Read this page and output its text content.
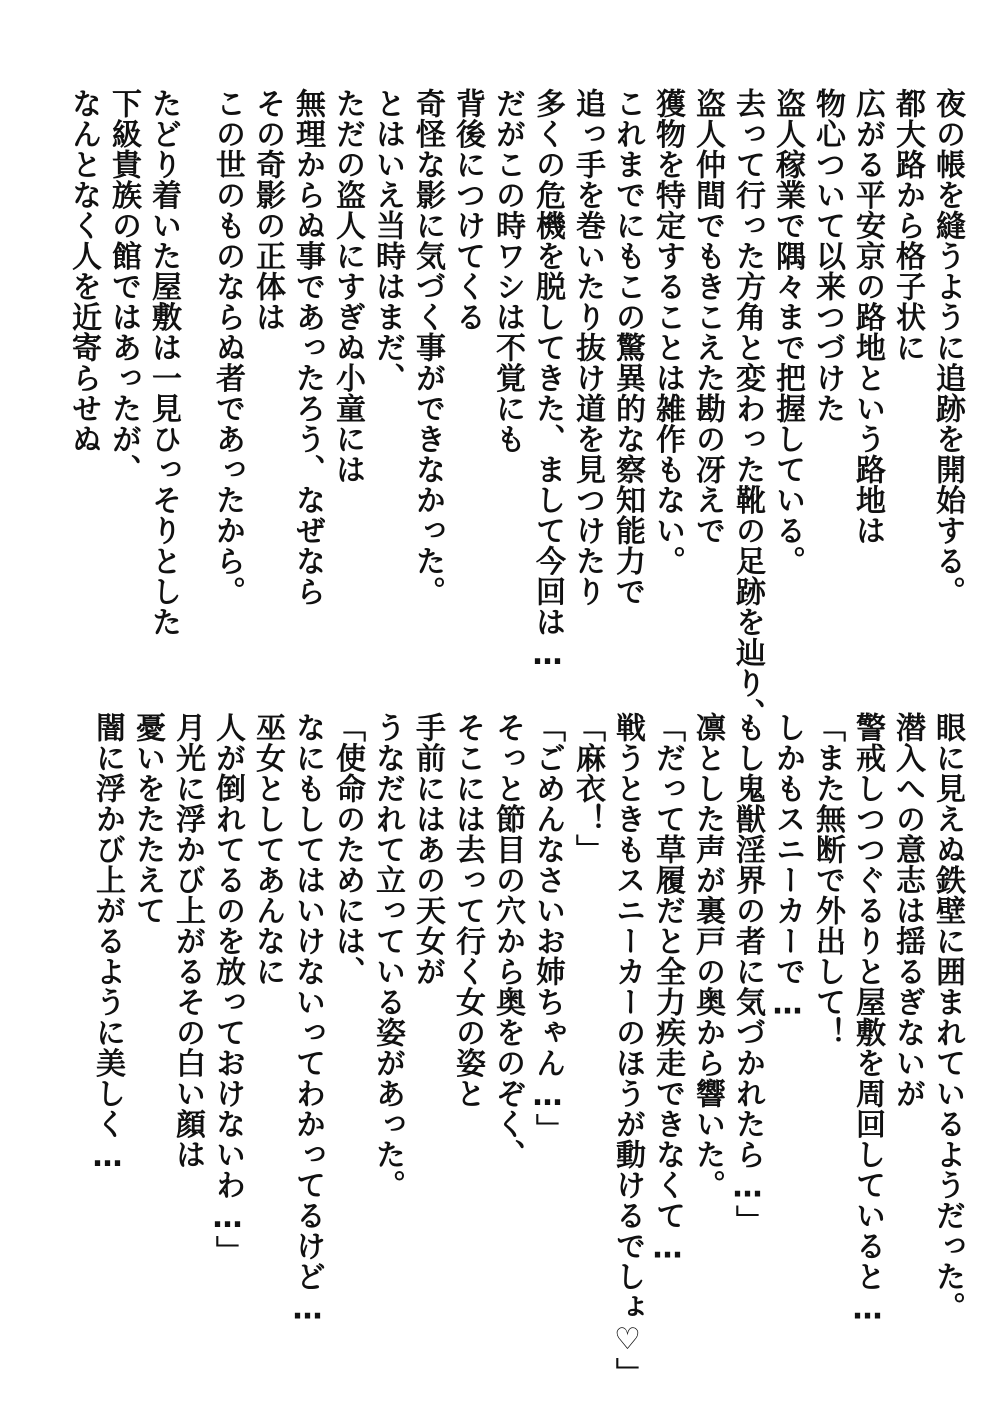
夜の帳を縫うように追跡を開始する。
都大路から格子状に
広がる平安京の路地という路地は
物心ついて以来つづけた
盗人稼業で隅々まで把握している。
去って行った方角と変わった靴の足跡を辿り、
盗人仲間でもきこえた勘の冴えで
獲物を特定することは雑作もない。
これまでにもこの驚異的な察知能力で
追っ手を巻いたり抜け道を見つけたり
多くの危機を脱してきた、まして今回は…
だがこの時ワシは不覚にも
背後につけてくる
奇怪な影に気づく事ができなかった。
とはいえ当時はまだ、
ただの盗人にすぎぬ小童には
無理からぬ事であったろう、なぜなら
その奇影の正体は
この世のものならぬ者であったから。
たどり着いた屋敷は一見ひっそりとした
下級貴族の館ではあったが、
なんとなく人を近寄らせぬ
眼に見えぬ鉄壁に囲まれているようだった。
潜入への意志は揺るぎないが
警戒しつつぐるりと屋敷を周回していると…
「また無断で外出して！
しかもスニーカーで…
もし鬼獣淫界の者に気づかれたら…」
凛とした声が裏戸の奥から響いた。
「だって草履だと全力疾走できなくて…
戦うときもスニーカーのほうが動けるでしょ♡」
「麻衣！」
「ごめんなさいお姉ちゃん…」
そっと節目の穴から奥をのぞく、
そこには去って行く女の姿と
手前にはあの天女が
うなだれて立っている姿があった。
「使命のためには、
なにもしてはいけないってわかってるけど…
巫女としてあんなに
人が倒れてるのを放っておけないわ…」
月光に浮かび上がるその白い顔は
憂いをたたえて
闇に浮かび上がるように美しく…
